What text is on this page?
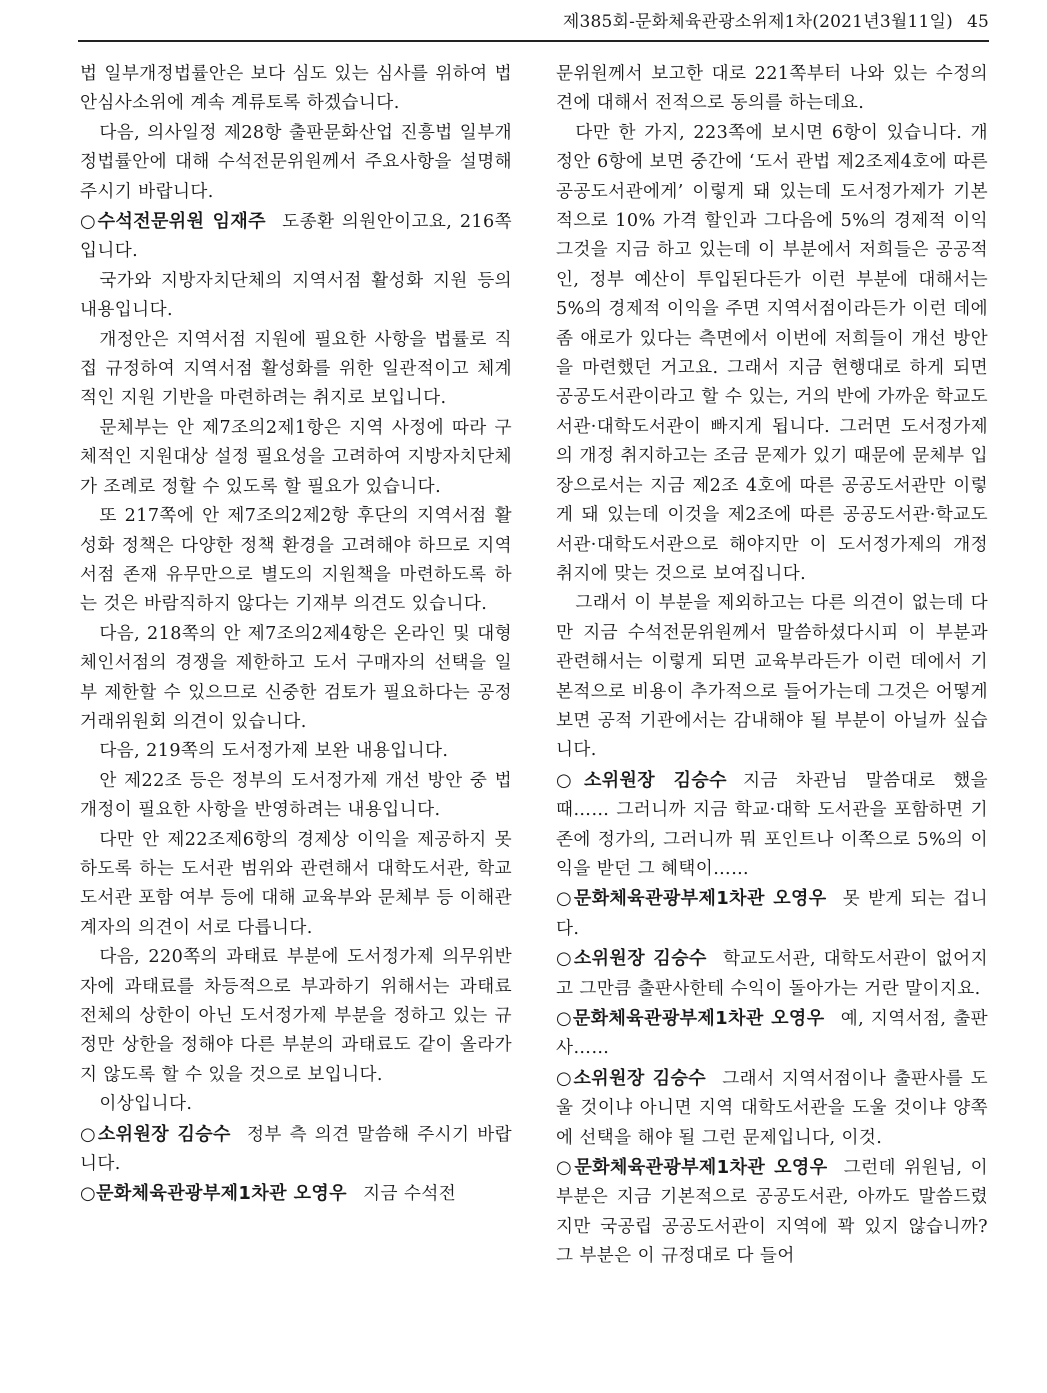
제385회-문화체육관광소위제1차(2021년3월11일) 45

법 일부개정법률안은 보다 심도 있는 심사를 위하여 법안심사소위에 계속 계류토록 하겠습니다.

다음, 의사일정 제28항 출판문화산업 진흥법 일부개정법률안에 대해 수석전문위원께서 주요사항을 설명해 주시기 바랍니다.

○수석전문위원 임재주 도종환 의원안이고요, 216쪽입니다.

국가와 지방자치단체의 지역서점 활성화 지원 등의 내용입니다.

개정안은 지역서점 지원에 필요한 사항을 법률로 직접 규정하여 지역서점 활성화를 위한 일관적이고 체계적인 지원 기반을 마련하려는 취지로 보입니다.

문체부는 안 제7조의2제1항은 지역 사정에 따라 구체적인 지원대상 설정 필요성을 고려하여 지방자치단체가 조례로 정할 수 있도록 할 필요가 있습니다.

또 217쪽에 안 제7조의2제2항 후단의 지역서점 활성화 정책은 다양한 정책 환경을 고려해야 하므로 지역서점 존재 유무만으로 별도의 지원책을 마련하도록 하는 것은 바람직하지 않다는 기재부 의견도 있습니다.

다음, 218쪽의 안 제7조의2제4항은 온라인 및 대형 체인서점의 경쟁을 제한하고 도서 구매자의 선택을 일부 제한할 수 있으므로 신중한 검토가 필요하다는 공정거래위원회 의견이 있습니다.

다음, 219쪽의 도서정가제 보완 내용입니다.

안 제22조 등은 정부의 도서정가제 개선 방안 중 법 개정이 필요한 사항을 반영하려는 내용입니다.

다만 안 제22조제6항의 경제상 이익을 제공하지 못하도록 하는 도서관 범위와 관련해서 대학도서관, 학교도서관 포함 여부 등에 대해 교육부와 문체부 등 이해관계자의 의견이 서로 다릅니다.

다음, 220쪽의 과태료 부분에 도서정가제 의무위반자에 과태료를 차등적으로 부과하기 위해서는 과태료 전체의 상한이 아닌 도서정가제 부분을 정하고 있는 규정만 상한을 정해야 다른 부분의 과태료도 같이 올라가지 않도록 할 수 있을 것으로 보입니다.

이상입니다.

○소위원장 김승수 정부 측 의견 말씀해 주시기 바랍니다.

○문화체육관광부제1차관 오영우 지금 수석전

문위원께서 보고한 대로 221쪽부터 나와 있는 수정의견에 대해서 전적으로 동의를 하는데요.

다만 한 가지, 223쪽에 보시면 6항이 있습니다. 개정안 6항에 보면 중간에 ‘도서 관법 제2조제4호에 따른 공공도서관에게’ 이렇게 돼 있는데 도서정가제가 기본적으로 10% 가격 할인과 그다음에 5%의 경제적 이익 그것을 지금 하고 있는데 이 부분에서 저희들은 공공적인, 정부 예산이 투입된다든가 이런 부분에 대해서는 5%의 경제적 이익을 주면 지역서점이라든가 이런 데에 좀 애로가 있다는 측면에서 이번에 저희들이 개선 방안을 마련했던 거고요. 그래서 지금 현행대로 하게 되면 공공도서관이라고 할 수 있는, 거의 반에 가까운 학교도서관·대학도서관이 빠지게 됩니다. 그러면 도서정가제의 개정 취지하고는 조금 문제가 있기 때문에 문체부 입장으로서는 지금 제2조 4호에 따른 공공도서관만 이렇게 돼 있는데 이것을 제2조에 따른 공공도서관·학교도서관·대학도서관으로 해야지만 이 도서정가제의 개정 취지에 맞는 것으로 보여집니다.

그래서 이 부분을 제외하고는 다른 의견이 없는데 다만 지금 수석전문위원께서 말씀하셨다시피 이 부분과 관련해서는 이렇게 되면 교육부라든가 이런 데에서 기본적으로 비용이 추가적으로 들어가는데 그것은 어떻게 보면 공적 기관에서는 감내해야 될 부분이 아닐까 싶습니다.

○소위원장 김승수 지금 차관님 말씀대로 했을 때…… 그러니까 지금 학교·대학 도서관을 포함하면 기존에 정가의, 그러니까 뭐 포인트나 이쪽으로 5%의 이익을 받던 그 혜택이……

○문화체육관광부제1차관 오영우 못 받게 되는 겁니다.

○소위원장 김승수 학교도서관, 대학도서관이 없어지고 그만큼 출판사한테 수익이 돌아가는 거란 말이지요.

○문화체육관광부제1차관 오영우 예, 지역서점, 출판사……

○소위원장 김승수 그래서 지역서점이나 출판사를 도울 것이냐 아니면 지역 대학도서관을 도울 것이냐 양쪽에 선택을 해야 될 그런 문제입니다, 이것.

○문화체육관광부제1차관 오영우 그런데 위원님, 이 부분은 지금 기본적으로 공공도서관, 아까도 말씀드렸지만 국공립 공공도서관이 지역에 꽉 있지 않습니까? 그 부분은 이 규정대로 다 들어
